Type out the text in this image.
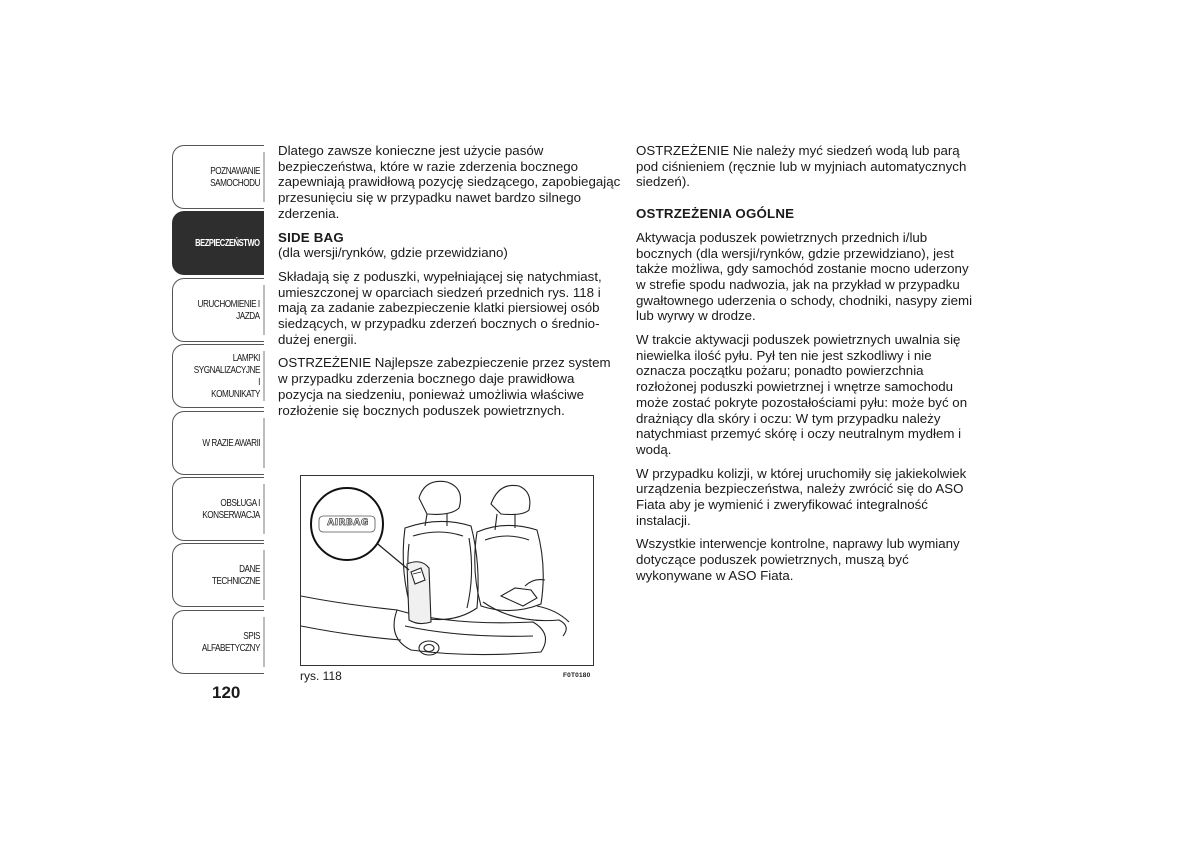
POZNAWANIE
SAMOCHODU
BEZPIECZEŃSTWO
URUCHOMIENIE I
JAZDA
LAMPKI
SYGNALIZACYJNE I
KOMUNIKATY
W RAZIE AWARII
OBSŁUGA I
KONSERWACJA
DANE TECHNICZNE
SPIS ALFABETYCZNY
120

Dlatego zawsze konieczne jest użycie pasów bezpieczeństwa, które w razie zderzenia bocznego zapewniają prawidłową pozycję siedzącego, zapobiegając przesunięciu się w przypadku nawet bardzo silnego zderzenia.

SIDE BAG

(dla wersji/rynków, gdzie przewidziano)

Składają się z poduszki, wypełniającej się natychmiast, umieszczonej w oparciach siedzeń przednich rys. 118 i mają za zadanie zabezpieczenie klatki piersiowej osób siedzących, w przypadku zderzeń bocznych o średnio-dużej energii.

OSTRZEŻENIE Najlepsze zabezpieczenie przez system w przypadku zderzenia bocznego daje prawidłowa pozycja na siedzeniu, ponieważ umożliwia właściwe rozłożenie się bocznych poduszek powietrznych.

AIRBAG
rys. 118	F0T0180

OSTRZEŻENIE Nie należy myć siedzeń wodą lub parą pod ciśnieniem (ręcznie lub w myjniach automatycznych siedzeń).

OSTRZEŻENIA OGÓLNE

Aktywacja poduszek powietrznych przednich i/lub bocznych (dla wersji/rynków, gdzie przewidziano), jest także możliwa, gdy samochód zostanie mocno uderzony w strefie spodu nadwozia, jak na przykład w przypadku gwałtownego uderzenia o schody, chodniki, nasypy ziemi lub wyrwy w drodze.

W trakcie aktywacji poduszek powietrznych uwalnia się niewielka ilość pyłu. Pył ten nie jest szkodliwy i nie oznacza początku pożaru; ponadto powierzchnia rozłożonej poduszki powietrznej i wnętrze samochodu może zostać pokryte pozostałościami pyłu: może być on drażniący dla skóry i oczu: W tym przypadku należy natychmiast przemyć skórę i oczy neutralnym mydłem i wodą.

W przypadku kolizji, w której uruchomiły się jakiekolwiek urządzenia bezpieczeństwa, należy zwrócić się do ASO Fiata aby je wymienić i zweryfikować integralność instalacji.

Wszystkie interwencje kontrolne, naprawy lub wymiany dotyczące poduszek powietrznych, muszą być wykonywane w ASO Fiata.
